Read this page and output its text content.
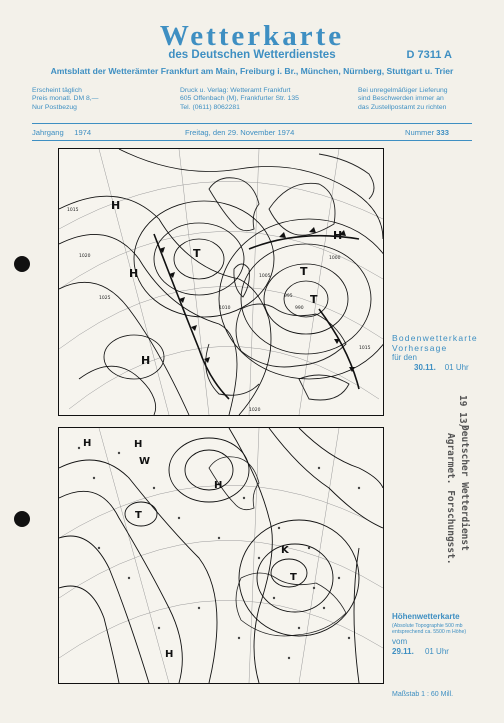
Wetterkarte
des Deutschen Wetterdienstes	D 7311 A
Amtsblatt der Wetterämter Frankfurt am Main, Freiburg i. Br., München, Nürnberg, Stuttgart u. Trier
Erscheint täglich
Preis monatl. DM 8,—
Nur Postbezug
Druck u. Verlag: Wetteramt Frankfurt
605 Offenbach (M), Frankfurter Str. 135
Tel. (0611) 8062281
Bei unregelmäßiger Lieferung
sind Beschwerden immer an
das Zustellpostamt zu richten
Jahrgang 1974	Freitag, den 29. November 1974	Nummer 333
1015
1020
1025
1010
1005
1000
995
990
1015
1020
H
H
H
H
T
T
T
Bodenwetterkarte
Vorhersage
für den
30.11. 01 Uhr
H	H
H
T
T
H
W
K
Höhenwetterkarte
(Absolute Topographie 500 mb
entsprechend ca. 5500 m Höhe)
vom
29.11. 01 Uhr
Maßstab 1 : 60 Mill.
19 13/
Deutscher Wetterdienst
Agrarmet. Forschungsst.
